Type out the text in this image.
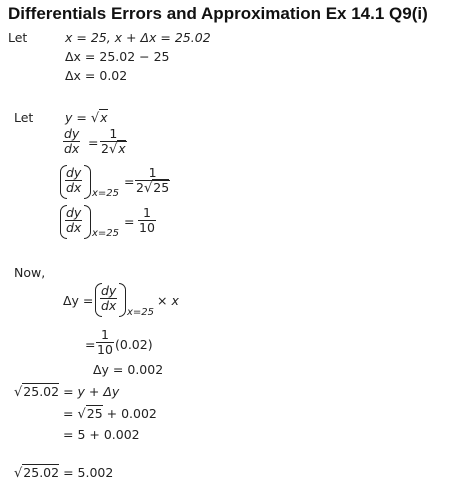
Differentials Errors and Approximation Ex 14.1 Q9(i)
Let	x = 25, x + Δx = 25.02
Δx = 25.02 − 25
Δx = 0.02
Let	y = √x
dy
dx =
1
2√x
dy
dx x=25
=
1
2√25
dy
dx x=25
=
1
10
Now,
Δy =
dy
dx x=25
× x
=
1
10 (0.02)
Δy = 0.002
√25.02 = y + Δy
= √25 + 0.002
= 5 + 0.002
√25.02 = 5.002
